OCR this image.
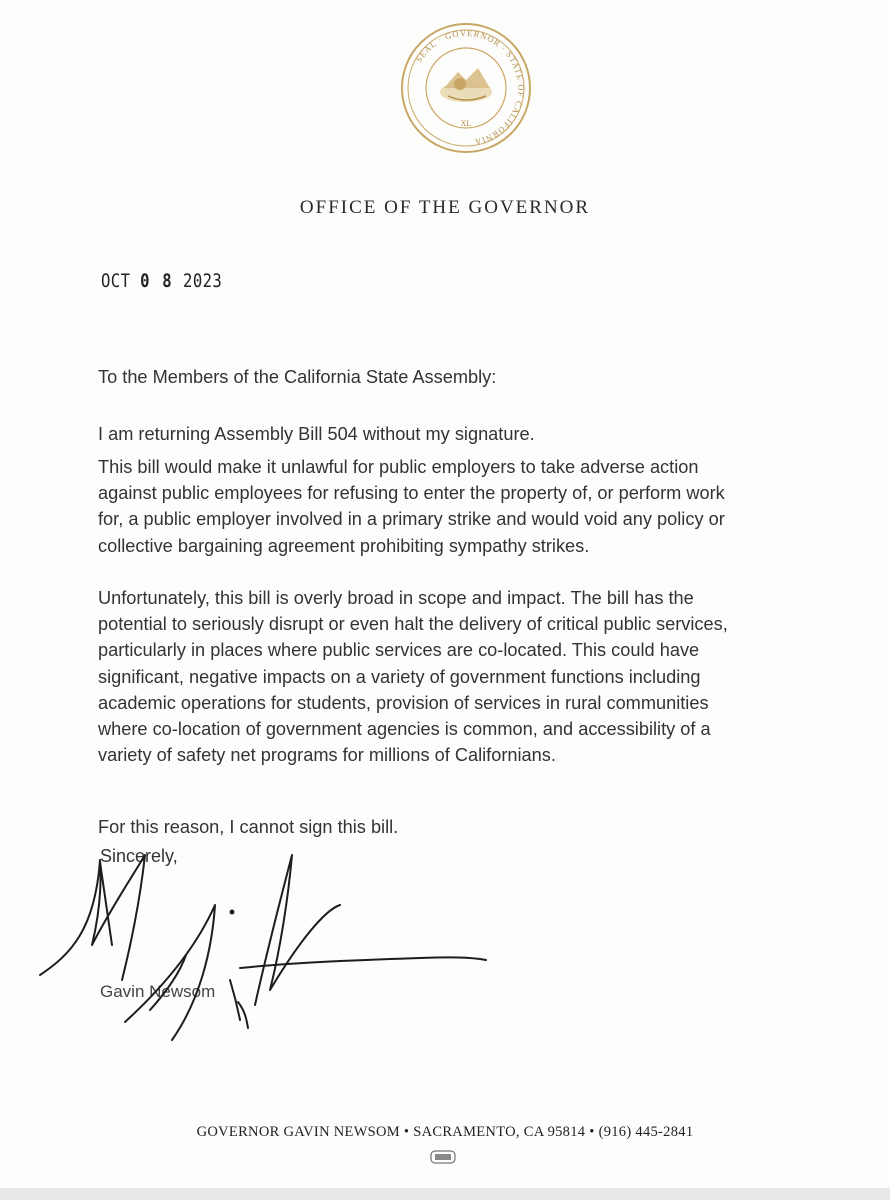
SEAL · GOVERNOR · STATE OF CALIFORNIA
XL
OFFICE OF THE GOVERNOR
OCT 0 8 2023

To the Members of the California State Assembly:

I am returning Assembly Bill 504 without my signature.

This bill would make it unlawful for public employers to take adverse action

against public employees for refusing to enter the property of, or perform work

for, a public employer involved in a primary strike and would void any policy or

collective bargaining agreement prohibiting sympathy strikes.

Unfortunately, this bill is overly broad in scope and impact. The bill has the

potential to seriously disrupt or even halt the delivery of critical public services,

particularly in places where public services are co-located. This could have

significant, negative impacts on a variety of government functions including

academic operations for students, provision of services in rural communities

where co-location of government agencies is common, and accessibility of a

variety of safety net programs for millions of Californians.

For this reason, I cannot sign this bill.

Sincerely,
Gavin Newsom
GOVERNOR GAVIN NEWSOM • SACRAMENTO, CA 95814 • (916) 445-2841
